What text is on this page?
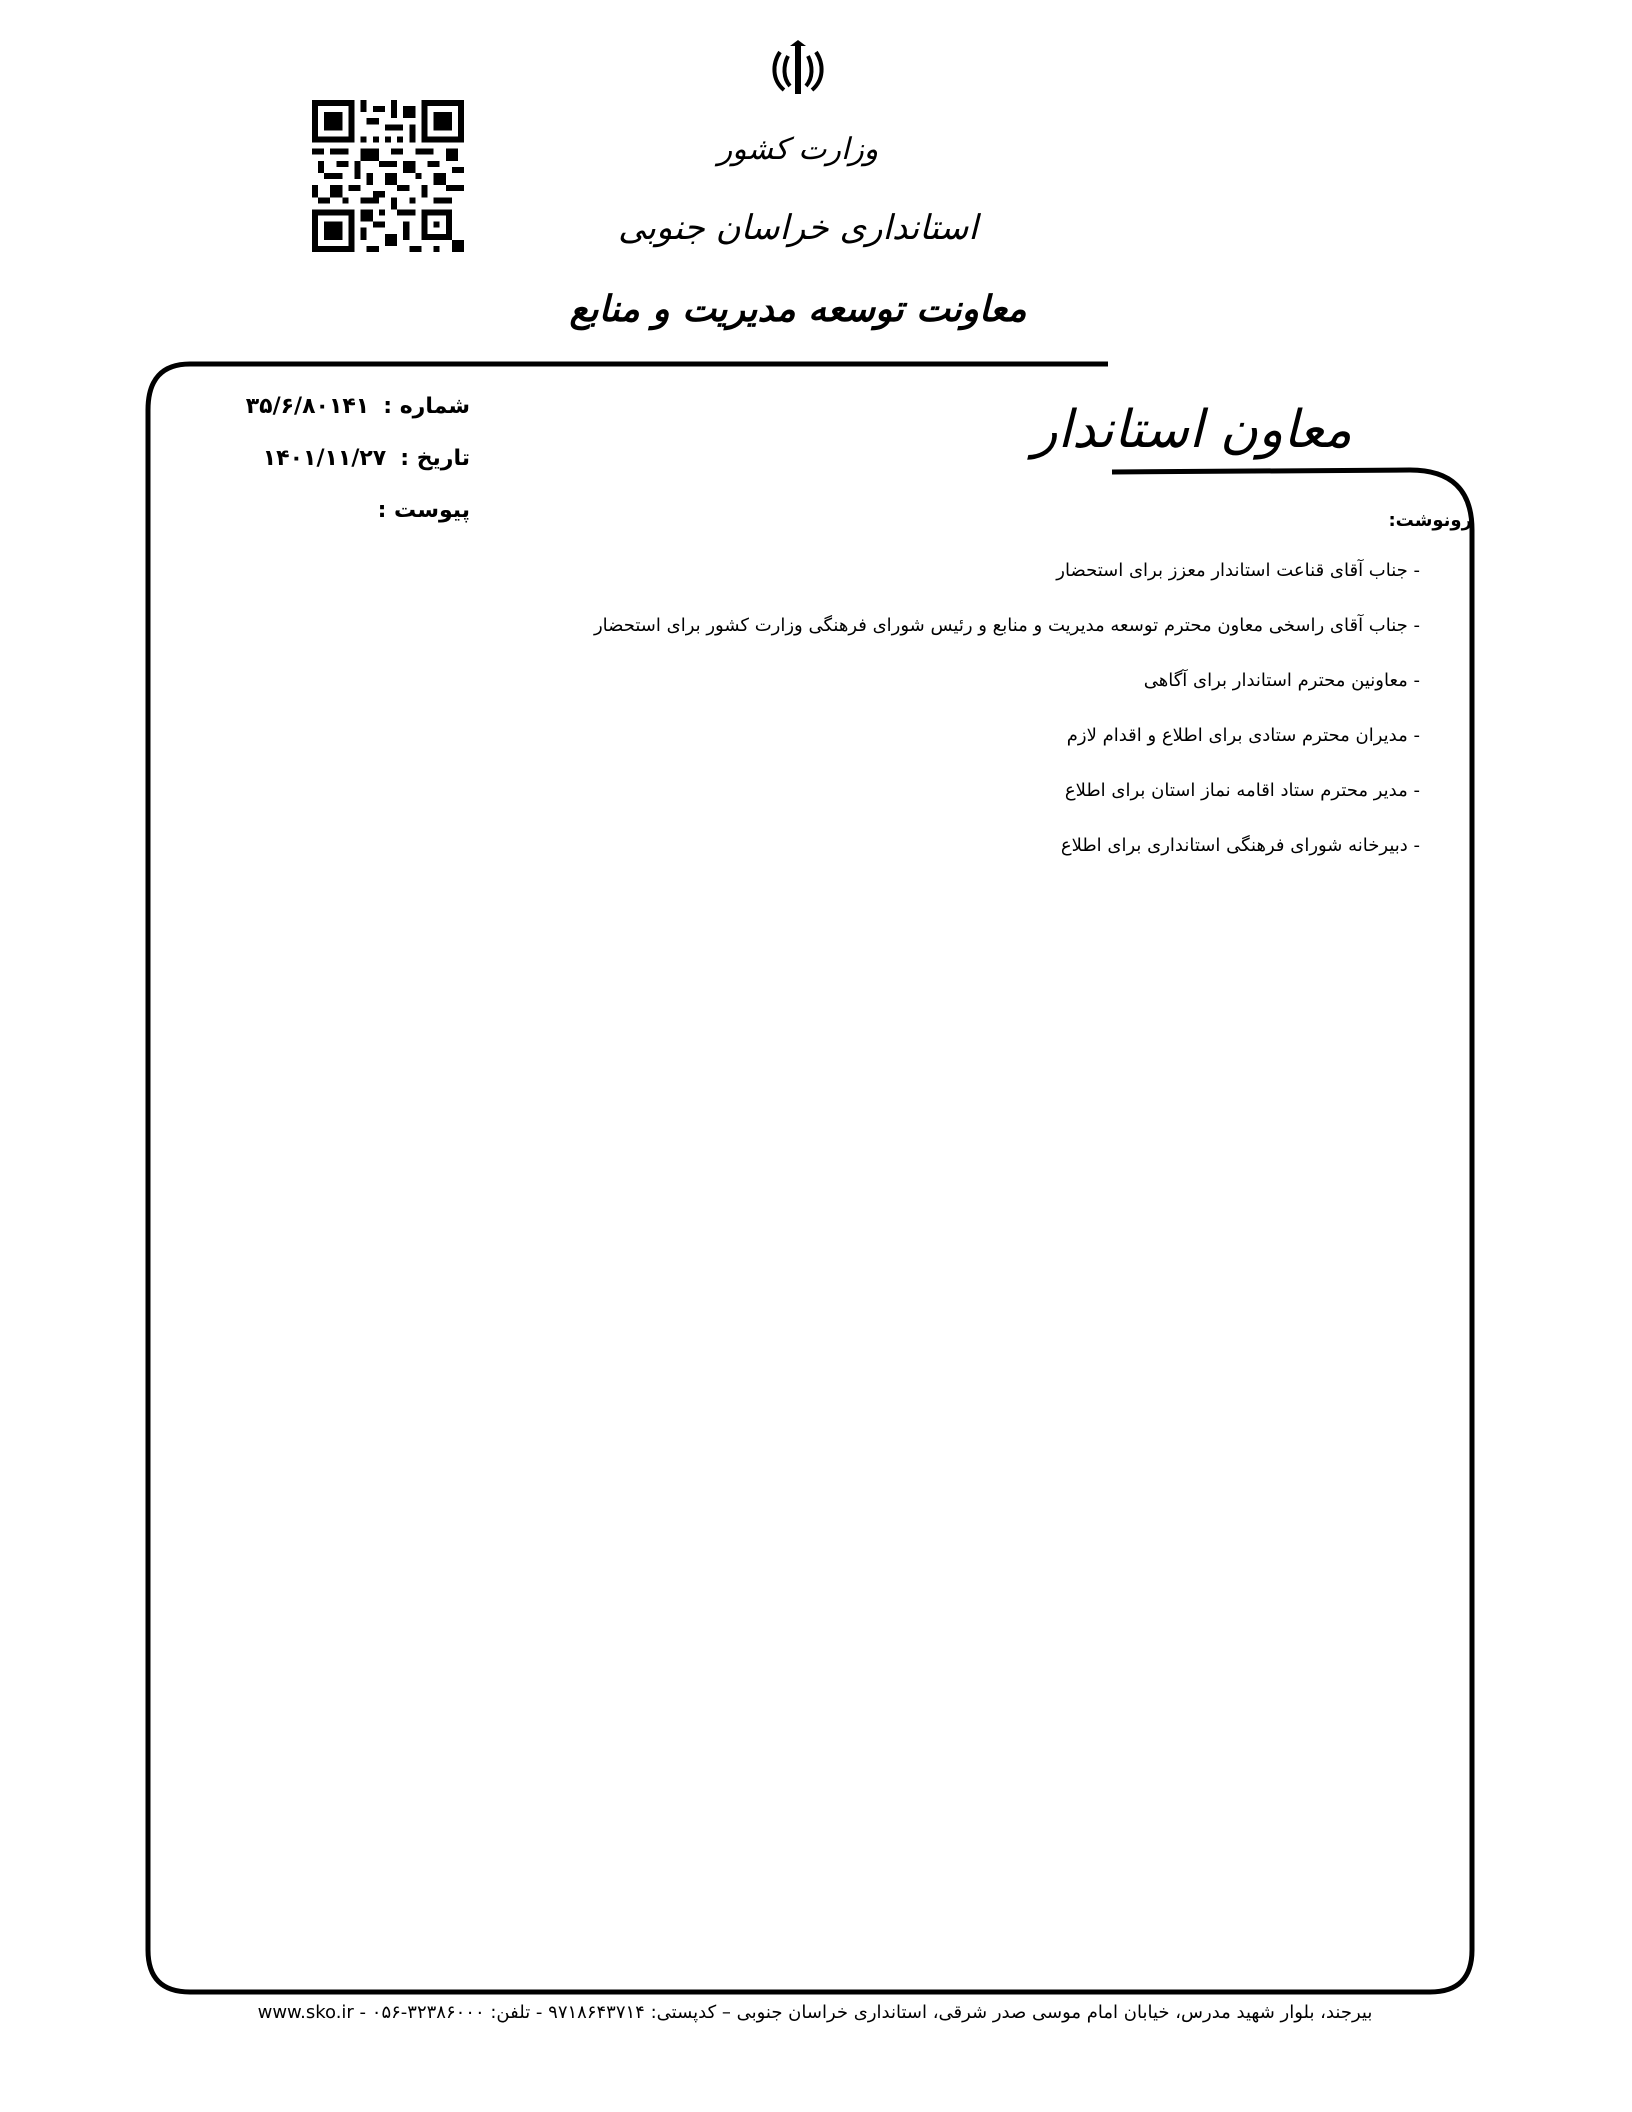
وزارت کشور
استانداری خراسان جنوبی
معاونت توسعه مدیریت و منابع
معاون استاندار
شماره :
۳۵/۶/۸۰۱۴۱
تاریخ :
۱۴۰۱/۱۱/۲۷
پیوست :	رونوشت:
- جناب آقای قناعت استاندار معزز برای استحضار
- جناب آقای راسخی معاون محترم توسعه مدیریت و منابع و رئیس شورای فرهنگی وزارت کشور برای استحضار
- معاونین محترم استاندار برای آگاهی
- مدیران محترم ستادی برای اطلاع و اقدام لازم
- مدیر محترم ستاد اقامه نماز استان برای اطلاع
- دبیرخانه شورای فرهنگی استانداری برای اطلاع
بیرجند، بلوار شهید مدرس، خیابان امام موسی صدر شرقی، استانداری خراسان جنوبی – کدپستی: ۹۷۱۸۶۴۳۷۱۴ - تلفن: ۳۲۳۸۶۰۰۰-۰۵۶ - www.sko.ir
